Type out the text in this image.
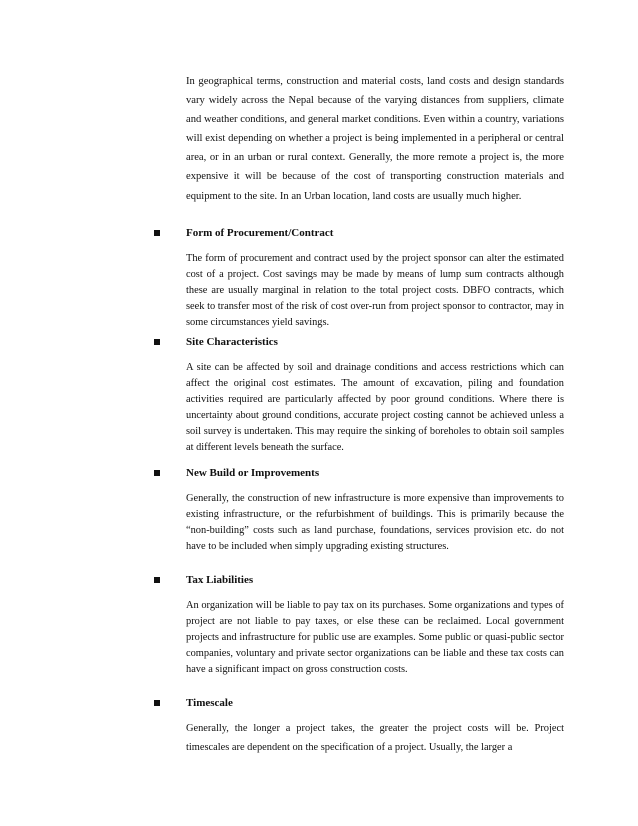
In geographical terms, construction and material costs, land costs and design standards vary widely across the Nepal because of the varying distances from suppliers, climate and weather conditions, and general market conditions. Even within a country, variations will exist depending on whether a project is being implemented in a peripheral or central area, or in an urban or rural context. Generally, the more remote a project is, the more expensive it will be because of the cost of transporting construction materials and equipment to the site. In an Urban location, land costs are usually much higher.

Form of Procurement/Contract

The form of procurement and contract used by the project sponsor can alter the estimated cost of a project. Cost savings may be made by means of lump sum contracts although these are usually marginal in relation to the total project costs. DBFO contracts, which seek to transfer most of the risk of cost over-run from project sponsor to contractor, may in some circumstances yield savings.

Site Characteristics

A site can be affected by soil and drainage conditions and access restrictions which can affect the original cost estimates. The amount of excavation, piling and foundation activities required are particularly affected by poor ground conditions. Where there is uncertainty about ground conditions, accurate project costing cannot be achieved unless a soil survey is undertaken. This may require the sinking of boreholes to obtain soil samples at different levels beneath the surface.

New Build or Improvements

Generally, the construction of new infrastructure is more expensive than improvements to existing infrastructure, or the refurbishment of buildings. This is primarily because the “non-building” costs such as land purchase, foundations, services provision etc. do not have to be included when simply upgrading existing structures.

Tax Liabilities

An organization will be liable to pay tax on its purchases. Some organizations and types of project are not liable to pay taxes, or else these can be reclaimed. Local government projects and infrastructure for public use are examples. Some public or quasi-public sector companies, voluntary and private sector organizations can be liable and these tax costs can have a significant impact on gross construction costs.

Timescale

Generally, the longer a project takes, the greater the project costs will be. Project timescales are dependent on the specification of a project. Usually, the larger a
